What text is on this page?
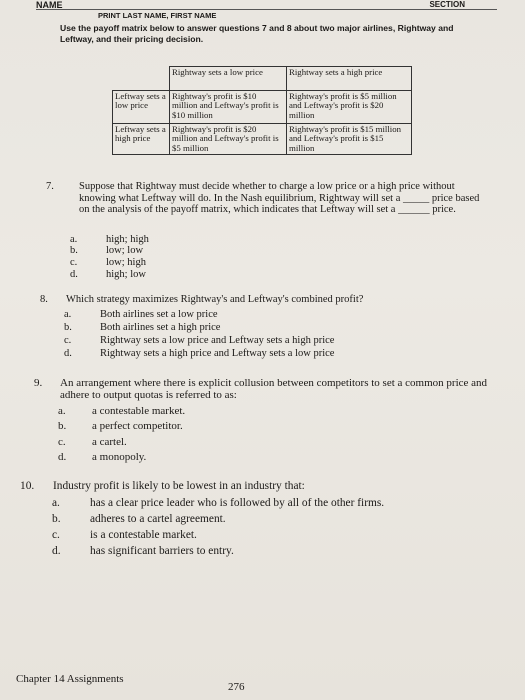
NAME	SECTION
PRINT LAST NAME, FIRST NAME
Use the payoff matrix below to answer questions 7 and 8 about two major airlines, Rightway and Leftway, and their pricing decision.
	Rightway sets a low price	Rightway sets a high price
Leftway sets a low price	Rightway's profit is $10 million and Leftway's profit is $10 million	Rightway's profit is $5 million and Leftway's profit is $20 million
Leftway sets a high price	Rightway's profit is $20 million and Leftway's profit is $5 million	Rightway's profit is $15 million and Leftway's profit is $15 million
7. Suppose that Rightway must decide whether to charge a low price or a high price without knowing what Leftway will do. In the Nash equilibrium, Rightway will set a _____ price based on the analysis of the payoff matrix, which indicates that Leftway will set a ______ price.
a.	high; high
b.	low; low
c.	low; high
d.	high; low
8. Which strategy maximizes Rightway's and Leftway's combined profit?
a.	Both airlines set a low price
b.	Both airlines set a high price
c.	Rightway sets a low price and Leftway sets a high price
d.	Rightway sets a high price and Leftway sets a low price
9. An arrangement where there is explicit collusion between competitors to set a common price and adhere to output quotas is referred to as:
a. a contestable market.
b. a perfect competitor.
c. a cartel.
d. a monopoly.
10. Industry profit is likely to be lowest in an industry that:
a.	has a clear price leader who is followed by all of the other firms.
b.	adheres to a cartel agreement.
c.	is a contestable market.
d.	has significant barriers to entry.
Chapter 14 Assignments
276
